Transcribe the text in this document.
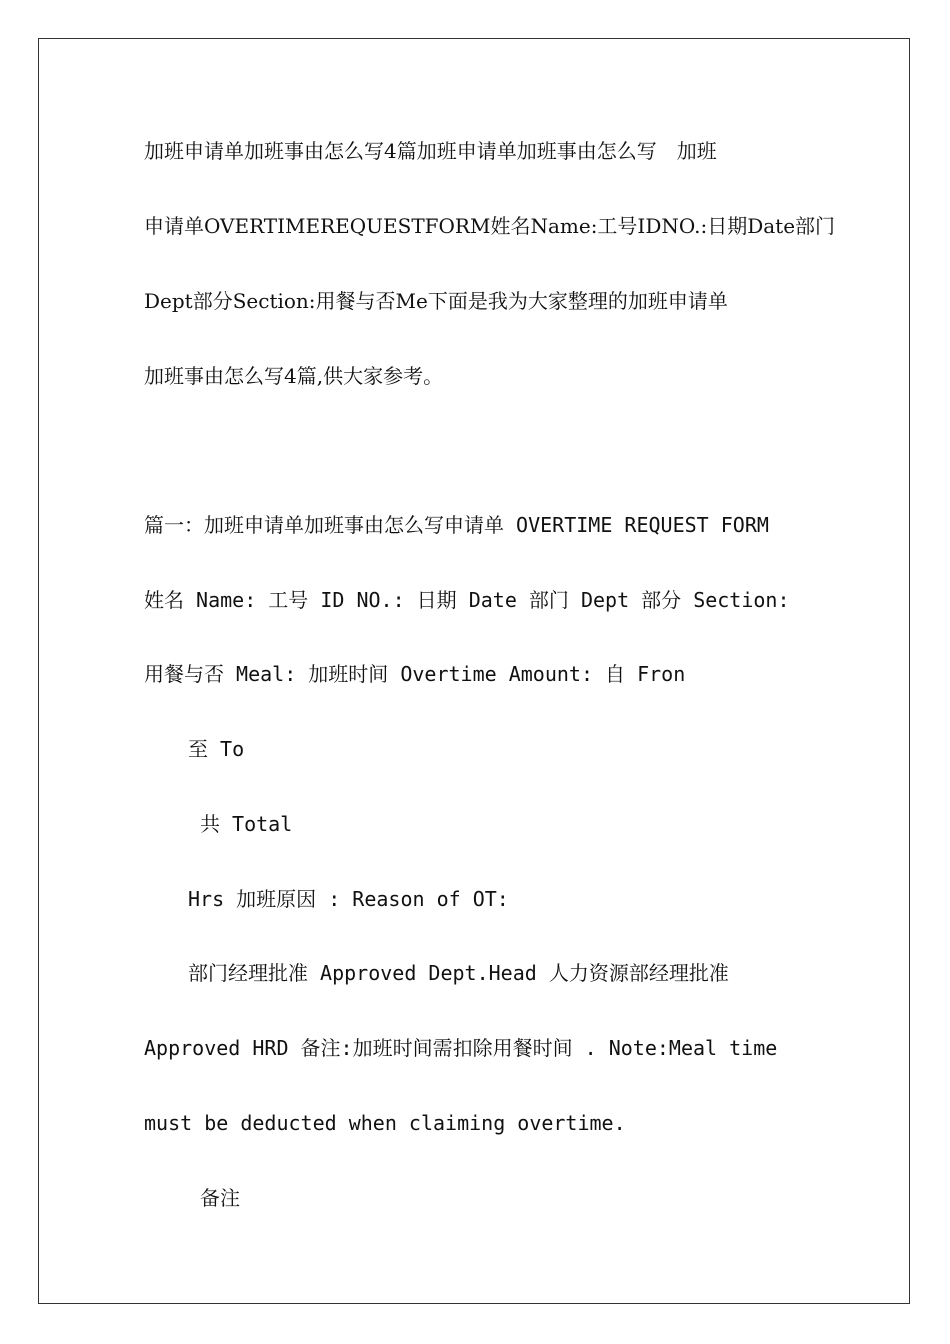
加班申请单加班事由怎么写4篇加班申请单加班事由怎么写　加班
申请单OVERTIMEREQUESTFORM姓名Name:工号IDNO.:日期Date部门
Dept部分Section:用餐与否Me下面是我为大家整理的加班申请单
加班事由怎么写4篇,供大家参考。
篇一：加班申请单加班事由怎么写申请单 OVERTIME REQUEST FORM
姓名 Name: 工号 ID NO.: 日期 Date 部门 Dept 部分 Section:
用餐与否 Meal: 加班时间 Overtime Amount: 自 Fron
至 To
共 Total
Hrs 加班原因 : Reason of OT:
部门经理批准 Approved Dept.Head 人力资源部经理批准
Approved HRD 备注:加班时间需扣除用餐时间 . Note:Meal time
must be deducted when claiming overtime.
备注
